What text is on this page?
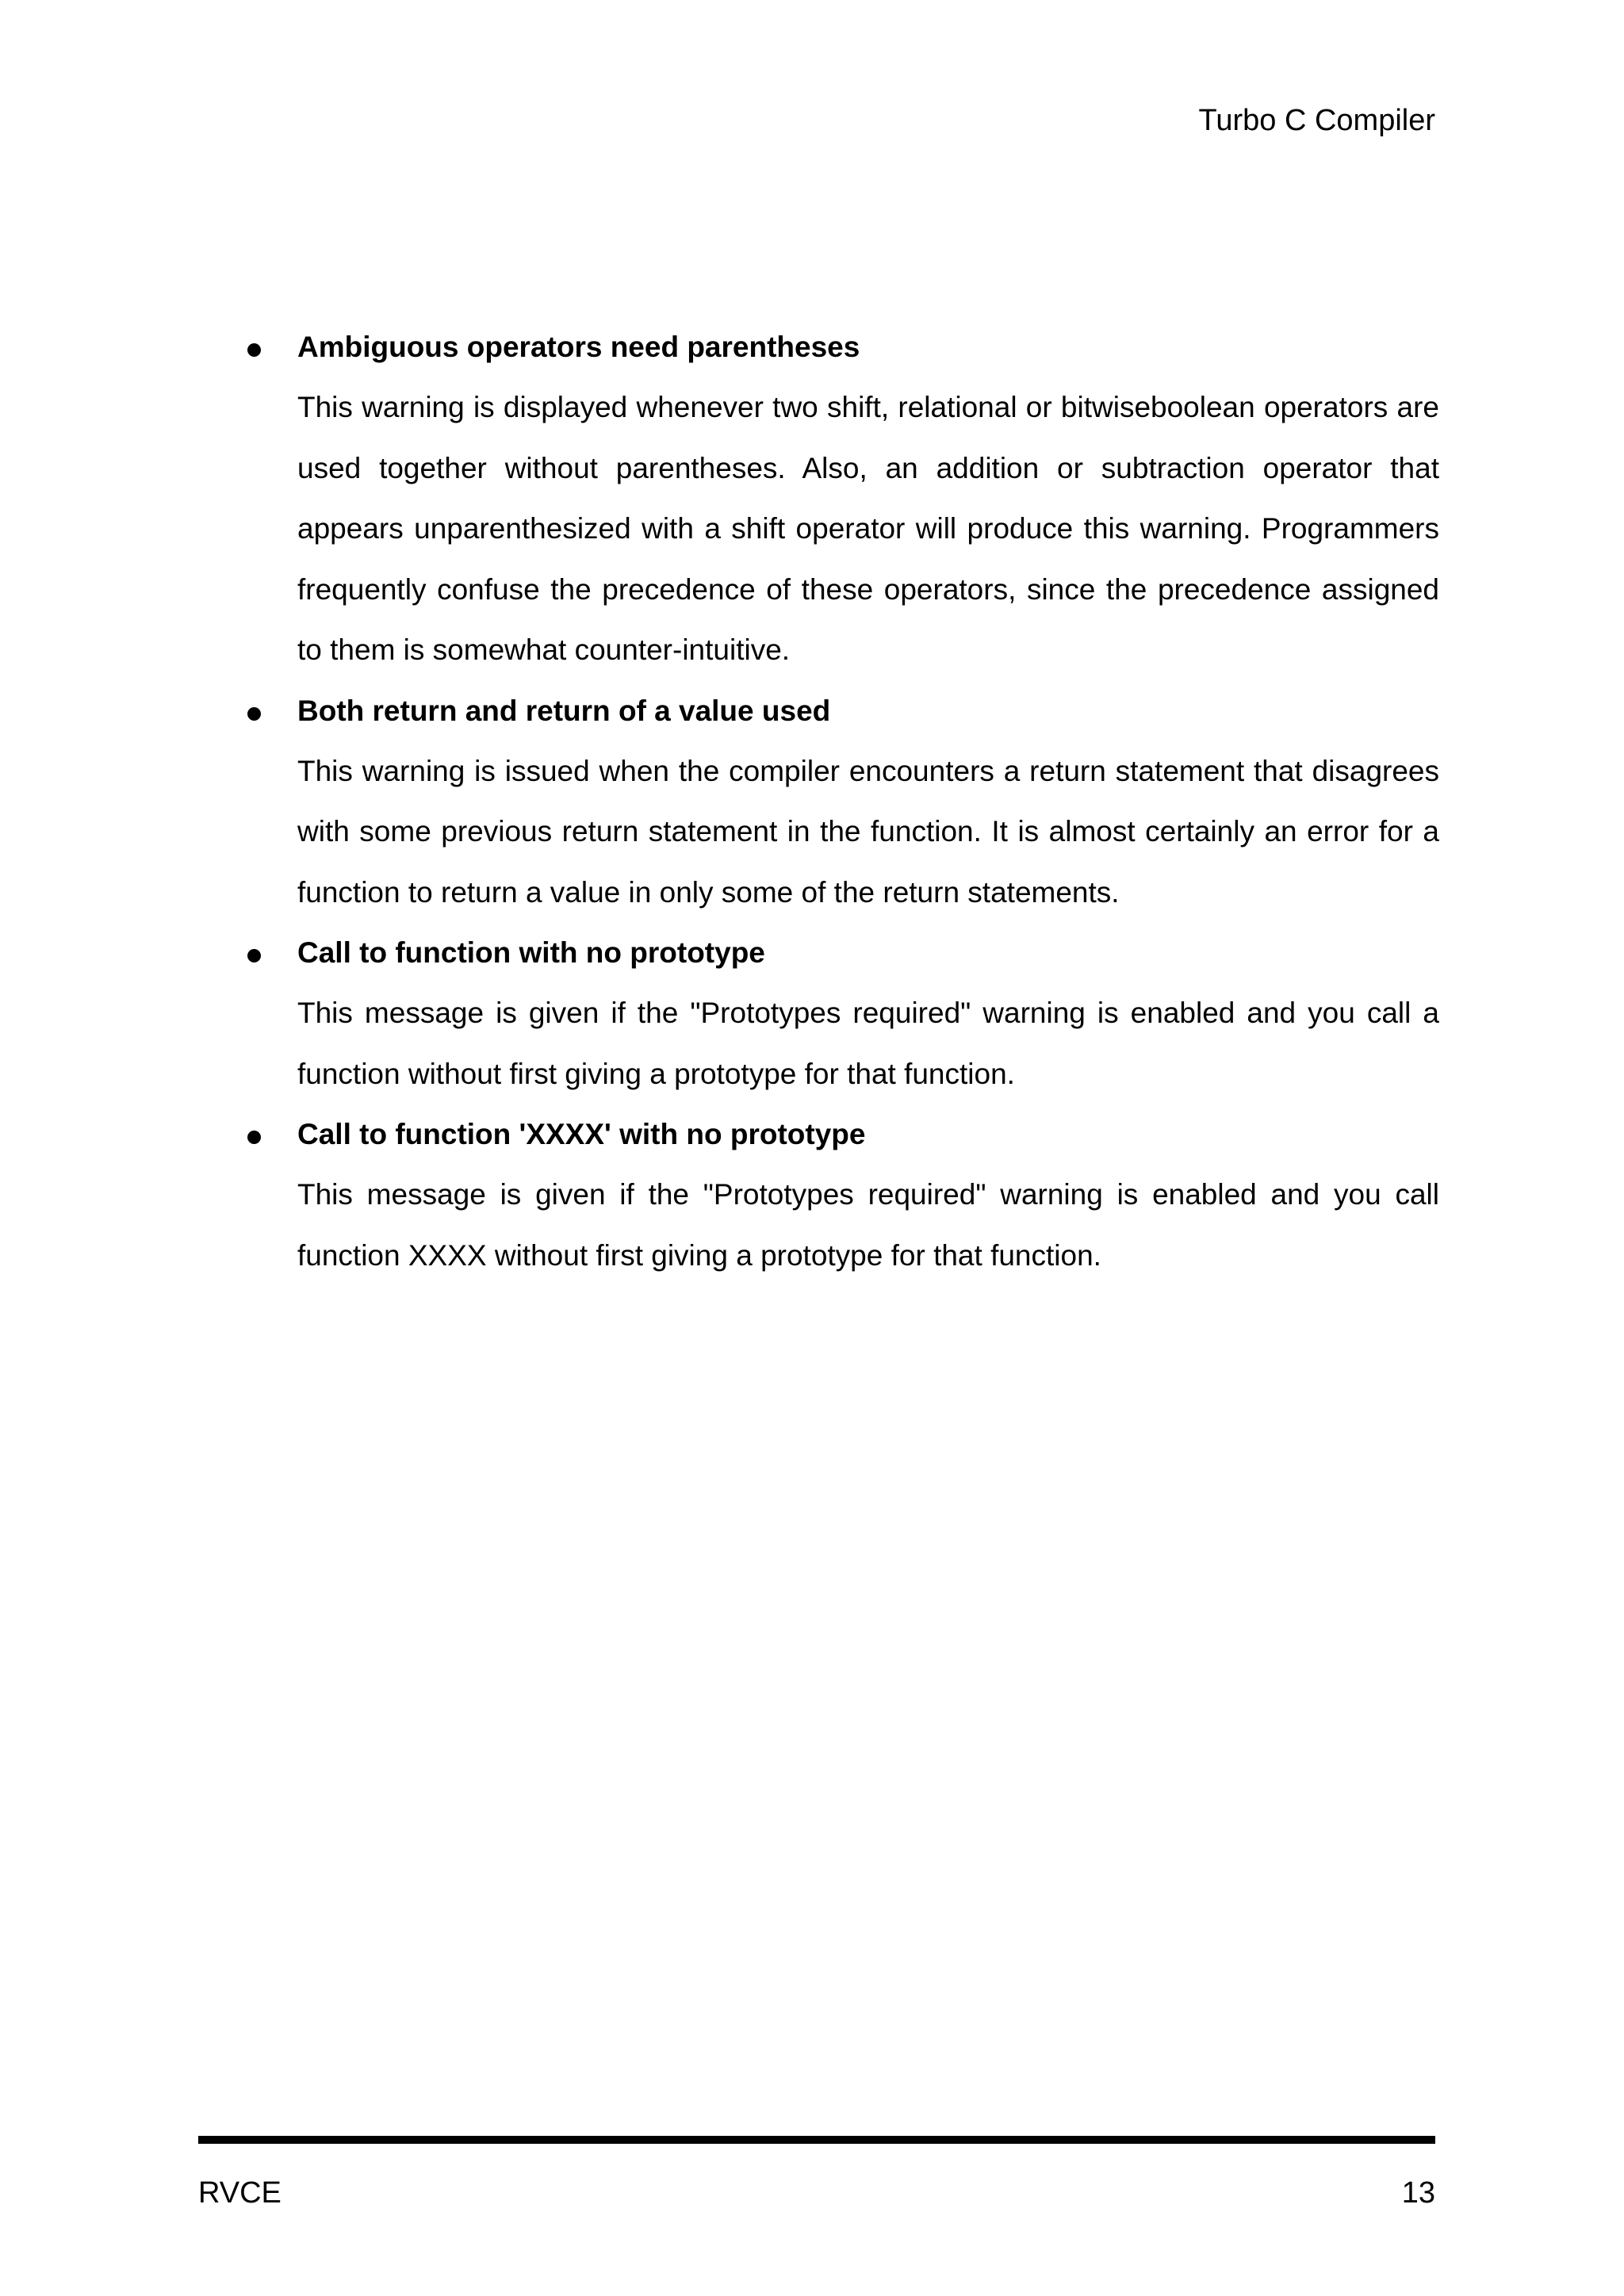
Turbo C Compiler
Ambiguous operators need parentheses
This warning is displayed whenever two shift, relational or bitwiseboolean operators are used together without parentheses. Also, an addition or subtraction operator that appears unparenthesized with a shift operator will produce this warning. Programmers frequently confuse the precedence of these operators, since the precedence assigned to them is somewhat counter-intuitive.
Both return and return of a value used
This warning is issued when the compiler encounters a return statement that disagrees with some previous return statement in the function. It is almost certainly an error for a function to return a value in only some of the return statements.
Call to function with no prototype
This message is given if the "Prototypes required" warning is enabled and you call a function without first giving a prototype for that function.
Call to function 'XXXX' with no prototype
This message is given if the "Prototypes required" warning is enabled and you call function XXXX without first giving a prototype for that function.
RVCE	13
